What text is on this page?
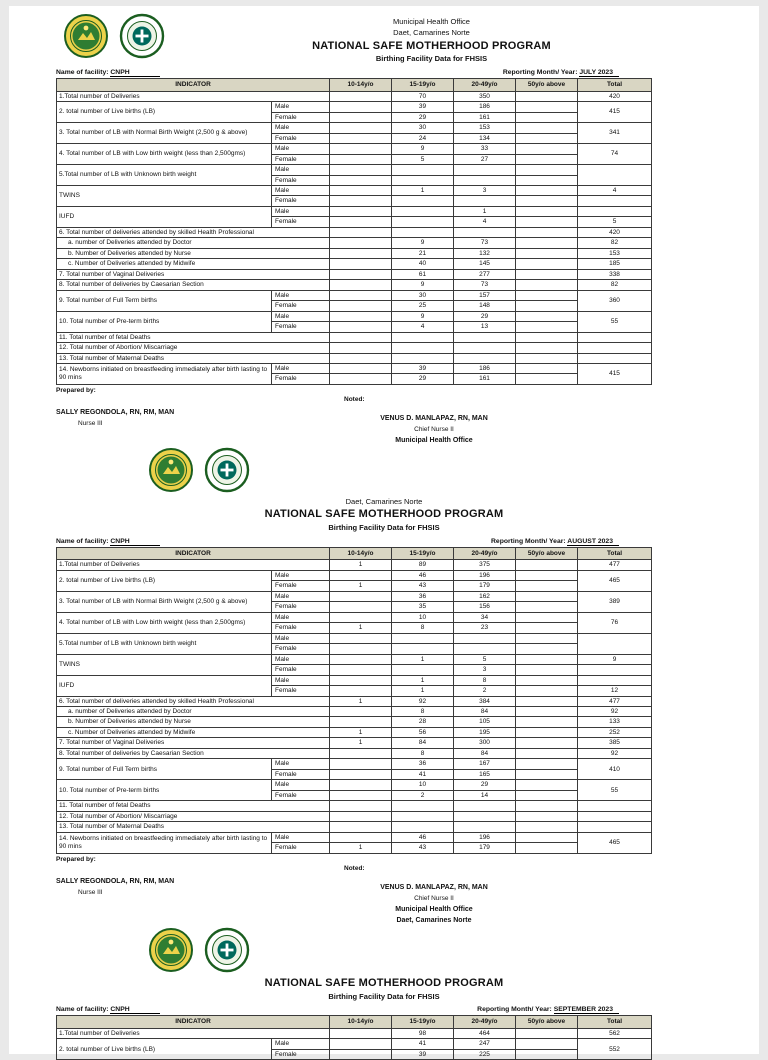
Municipal Health Office
Daet, Camarines Norte
NATIONAL SAFE MOTHERHOOD PROGRAM
Birthing Facility Data for FHSIS
Name of facility: CNPH	Reporting Month/ Year: JULY 2023
INDICATOR		10-14y/o	15-19y/o	20-49y/o	50y/o above	Total
1.Total number of Deliveries			70	350		420
2. total number of Live births (LB)	Male		39	186		415
	Female		29	161		
3. Total number of LB with Normal Birth Weight (2,500 g & above)	Male		30	153		341
	Female		24	134		
4. Total number of LB with Low birth weight (less than 2,500gms)	Male		9	33		74
	Female		5	27		
5.Total number of LB with Unknown birth weight	Male					
	Female					
TWINS	Male		1	3		4
	Female					
IUFD	Male			1		
	Female			4		5
6. Total number of deliveries attended by skilled Health Professional						420
a. number of Deliveries attended by Doctor			9	73		82
b. Number of Deliveries attended by Nurse			21	132		153
c. Number of Deliveries attended by Midwife			40	145		185
7. Total number of Vaginal Deliveries			61	277		338
8. Total number of deliveries by Caesarian Section			9	73		82
9. Total number of Full Term births	Male		30	157		360
	Female		25	148		
10. Total number of Pre-term births	Male		9	29		55
	Female		4	13		
11. Total number of fetal Deaths						
12. Total number of Abortion/ Miscarriage						
13. Total number of Maternal Deaths						
14. Newborns initiated on breastfeeding immediately after birth lasting to 90 mins	Male		39	186		415
	Female		29	161		
Prepared by:
SALLY REGONDOLA, RN, RM, MAN
Nurse III
Noted:
VENUS D. MANLAPAZ, RN, MAN
Chief Nurse II
Municipal Health Office
Daet, Camarines Norte
NATIONAL SAFE MOTHERHOOD PROGRAM
Birthing Facility Data for FHSIS
Name of facility: CNPH	Reporting Month/ Year: AUGUST 2023
INDICATOR		10-14y/o	15-19y/o	20-49y/o	50y/o above	Total
1.Total number of Deliveries		1	89	375		477
2. total number of Live births (LB)	Male		46	196		465
	Female	1	43	179		
3. Total number of LB with Normal Birth Weight (2,500 g & above)	Male		36	162		389
	Female		35	156		
4. Total number of LB with Low birth weight (less than 2,500gms)	Male		10	34		76
	Female	1	8	23		
5.Total number of LB with Unknown birth weight	Male					
	Female					
TWINS	Male		1	5		9
	Female			3		
IUFD	Male		1	8		
	Female		1	2		12
6. Total number of deliveries attended by skilled Health Professional		1	92	384		477
a. number of Deliveries attended by Doctor			8	84		92
b. Number of Deliveries attended by Nurse			28	105		133
c. Number of Deliveries attended by Midwife		1	56	195		252
7. Total number of Vaginal Deliveries		1	84	300		385
8. Total number of deliveries by Caesarian Section			8	84		92
9. Total number of Full Term births	Male		36	167		410
	Female		41	165		
10. Total number of Pre-term births	Male		10	29		55
	Female		2	14		
11. Total number of fetal Deaths						
12. Total number of Abortion/ Miscarriage						
13. Total number of Maternal Deaths						
14. Newborns initiated on breastfeeding immediately after birth lasting to 90 mins	Male		46	196		465
	Female	1	43	179		
Prepared by:
SALLY REGONDOLA, RN, RM, MAN
Nurse III
Noted:
VENUS D. MANLAPAZ, RN, MAN
Chief Nurse II
Municipal Health Office
Daet, Camarines Norte
NATIONAL SAFE MOTHERHOOD PROGRAM
Birthing Facility Data for FHSIS
Name of facility: CNPH	Reporting Month/ Year: SEPTEMBER 2023
INDICATOR		10-14y/o	15-19y/o	20-49y/o	50y/o above	Total
1.Total number of Deliveries			98	464		562
2. total number of Live births (LB)	Male		41	247		552
	Female		39	225		
